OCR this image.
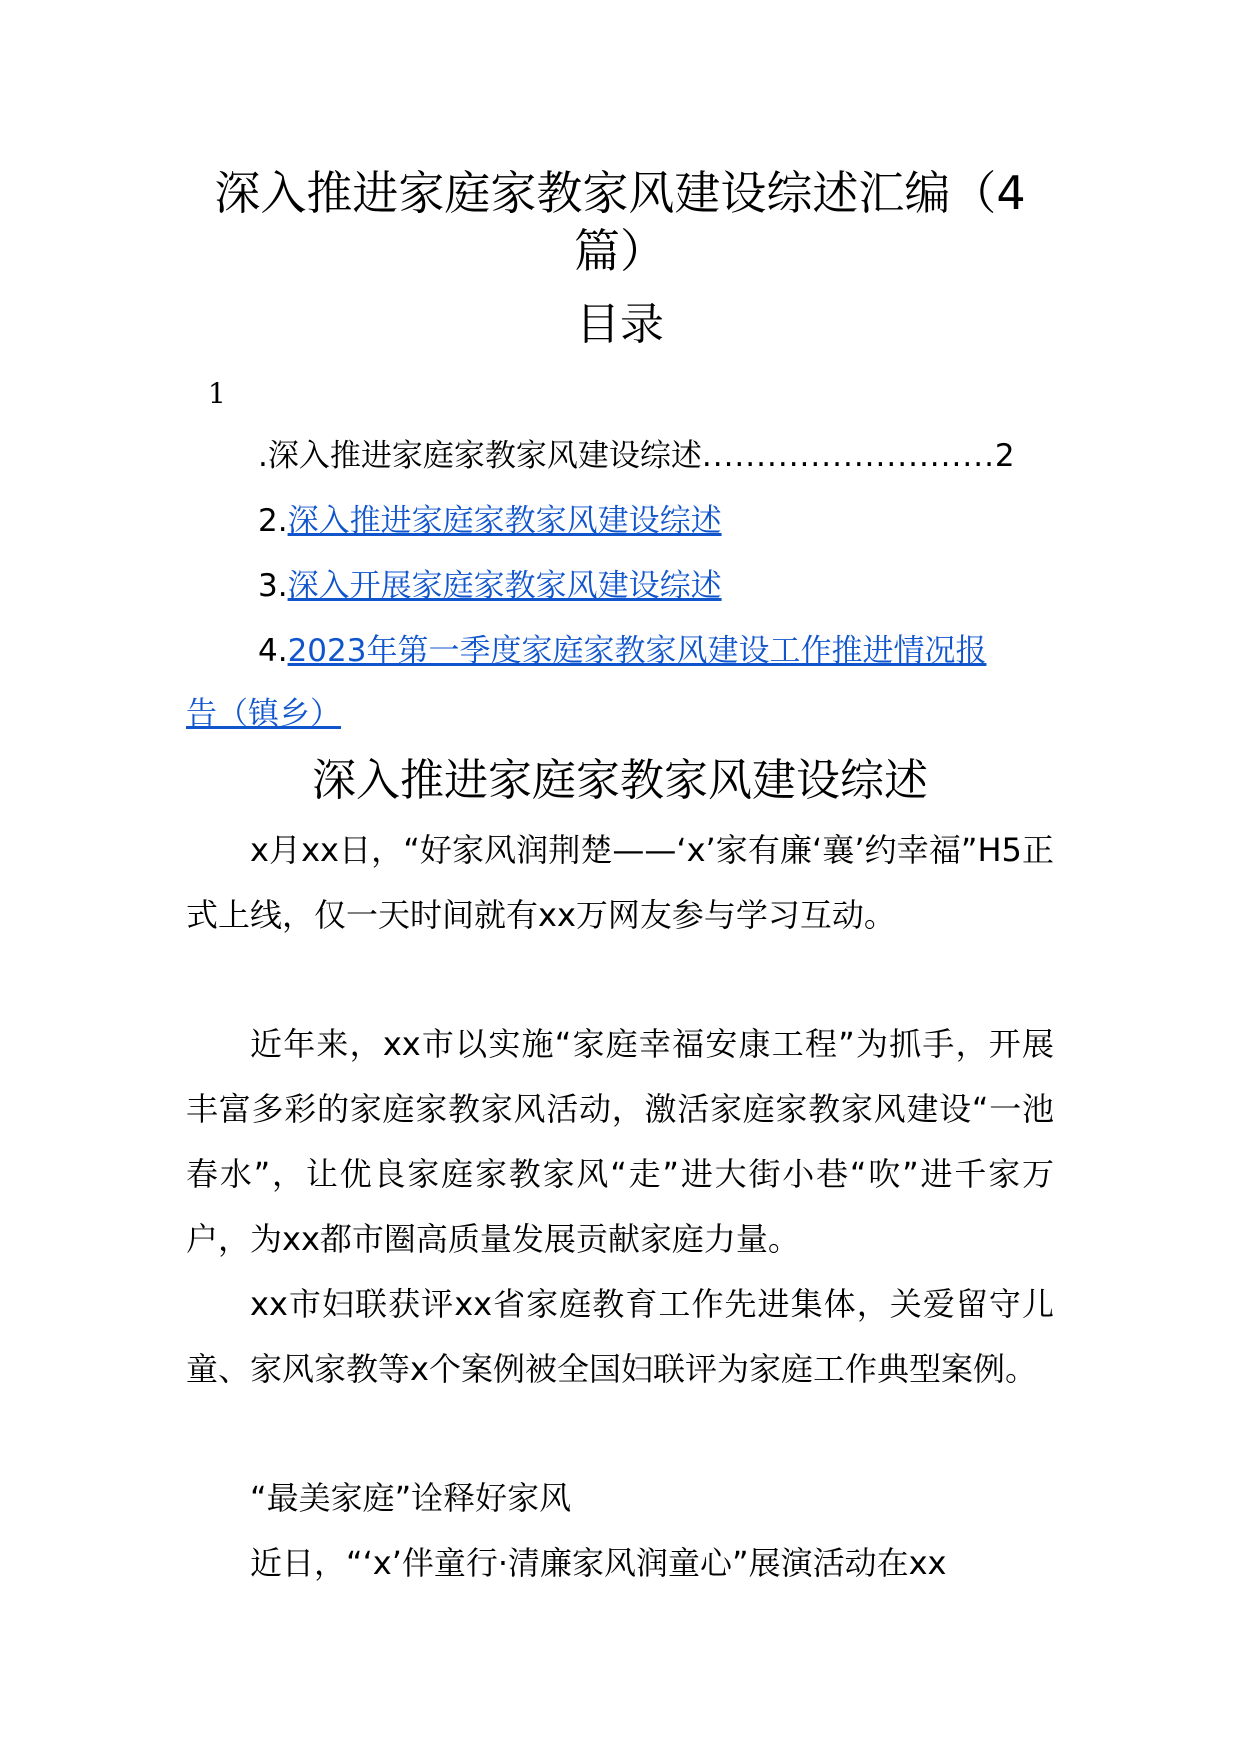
深入推进家庭家教家风建设综述汇编（4篇）
目录
1
.深入推进家庭家教家风建设综述...........................2
2.深入推进家庭家教家风建设综述
3.深入开展家庭家教家风建设综述
4.2023年第一季度家庭家教家风建设工作推进情况报
告（镇乡）
深入推进家庭家教家风建设综述

x月xx日，“好家风润荆楚——‘x’家有廉‘襄’约幸福”H5正式上线，仅一天时间就有xx万网友参与学习互动。

近年来，xx市以实施“家庭幸福安康工程”为抓手，开展丰富多彩的家庭家教家风活动，激活家庭家教家风建设“一池春水”，让优良家庭家教家风“走”进大街小巷“吹”进千家万户，为xx都市圈高质量发展贡献家庭力量。

xx市妇联获评xx省家庭教育工作先进集体，关爱留守儿童、家风家教等x个案例被全国妇联评为家庭工作典型案例。

“最美家庭”诠释好家风

近日，“‘x’伴童行·清廉家风润童心”展演活动在xx
